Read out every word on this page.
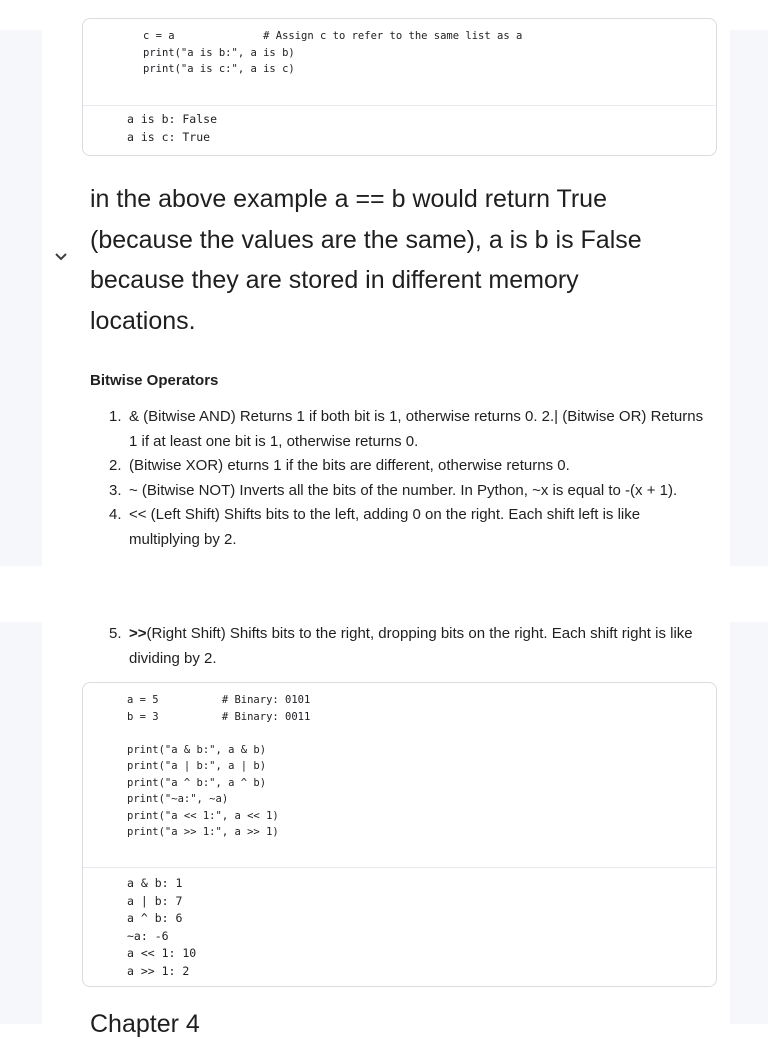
c = a              # Assign c to refer to the same list as a
print("a is b:", a is b)
print("a is c:", a is c)
a is b: False
a is c: True

in the above example a == b would return True (because the values are the same), a is b is False because they are stored in different memory locations.

Bitwise Operators
1. & (Bitwise AND) Returns 1 if both bit is 1, otherwise returns 0. 2.| (Bitwise OR) Returns 1 if at least one bit is 1, otherwise returns 0.
2. (Bitwise XOR) eturns 1 if the bits are different, otherwise returns 0.
3. ~ (Bitwise NOT) Inverts all the bits of the number. In Python, ~x is equal to -(x + 1).
4. << (Left Shift) Shifts bits to the left, adding 0 on the right. Each shift left is like multiplying by 2.
5. >>(Right Shift) Shifts bits to the right, dropping bits on the right. Each shift right is like dividing by 2.
a = 5          # Binary: 0101
b = 3          # Binary: 0011

print("a & b:", a & b)
print("a | b:", a | b)
print("a ^ b:", a ^ b)
print("~a:", ~a)
print("a << 1:", a << 1)
print("a >> 1:", a >> 1)
a & b: 1
a | b: 7
a ^ b: 6
~a: -6
a << 1: 10
a >> 1: 2
Chapter 4
